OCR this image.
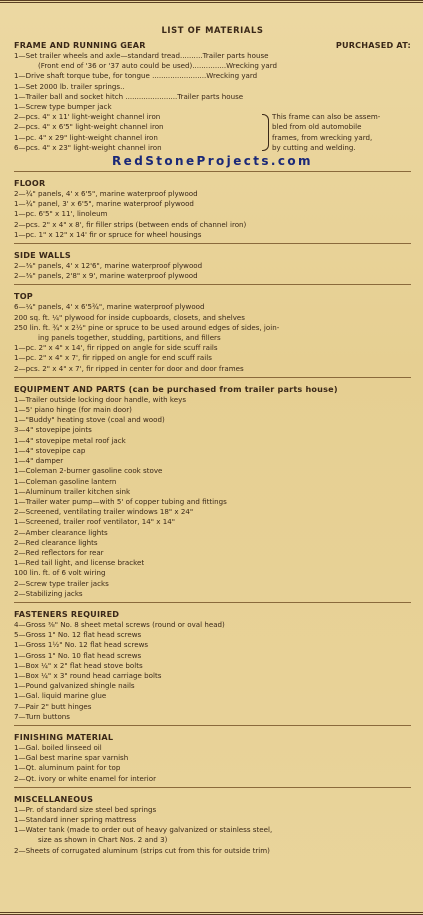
LIST OF MATERIALS
FRAME AND RUNNING GEAR	PURCHASED AT:
1—Set trailer wheels and axle—standard tread..........Trailer parts house
(Front end of '36 or '37 auto could be used)...............Wrecking yard
1—Drive shaft torque tube, for tongue ........................Wrecking yard
1—Set 2000 lb. trailer springs..
1—Trailer ball and socket hitch .......................Trailer parts house
1—Screw type bumper jack
2—pcs. 4" x 11' light-weight channel iron
2—pcs. 4" x 6'5" light-weight channel iron
1—pc. 4" x 29" light-weight channel iron
6—pcs. 4" x 23" light-weight channel iron
This frame can also be assem-
bled from old automobile
frames, from wrecking yard,
by cutting and welding.
RedStoneProjects.com
FLOOR
2—¾" panels, 4' x 6'5", marine waterproof plywood
1—¾" panel, 3' x 6'5", marine waterproof plywood
1—pc. 6'5" x 11', linoleum
2—pcs. 2" x 4" x 8', fir filler strips (between ends of channel iron)
1—pc. 1" x 12" x 14' fir or spruce for wheel housings
SIDE WALLS
2—⅜" panels, 4' x 12'6", marine waterproof plywood
2—⅜" panels, 2'8" x 9', marine waterproof plywood
TOP
6—¼" panels, 4' x 6'5¾", marine waterproof plywood
200 sq. ft. ¼" plywood for inside cupboards, closets, and shelves
250 lin. ft. ¾" x 2½" pine or spruce to be used around edges of sides, join-
ing panels together, studding, partitions, and fillers
1—pc. 2" x 4" x 14', fir ripped on angle for side scuff rails
1—pc. 2" x 4" x 7', fir ripped on angle for end scuff rails
2—pcs. 2" x 4" x 7', fir ripped in center for door and door frames
EQUIPMENT AND PARTS (can be purchased from trailer parts house)
1—Trailer outside locking door handle, with keys
1—5' piano hinge (for main door)
1—"Buddy" heating stove (coal and wood)
3—4" stovepipe joints
1—4" stovepipe metal roof jack
1—4" stovepipe cap
1—4" damper
1—Coleman 2-burner gasoline cook stove
1—Coleman gasoline lantern
1—Aluminum trailer kitchen sink
1—Trailer water pump—with 5' of copper tubing and fittings
2—Screened, ventilating trailer windows 18" x 24"
1—Screened, trailer roof ventilator, 14" x 14"
2—Amber clearance lights
2—Red clearance lights
2—Red reflectors for rear
1—Red tail light, and license bracket
100 lin. ft. of 6 volt wiring
2—Screw type trailer jacks
2—Stabilizing jacks
FASTENERS REQUIRED
4—Gross ⅜" No. 8 sheet metal screws (round or oval head)
5—Gross 1" No. 12 flat head screws
1—Gross 1½" No. 12 flat head screws
1—Gross 1" No. 10 flat head screws
1—Box ¼" x 2" flat head stove bolts
1—Box ¼" x 3" round head carriage bolts
1—Pound galvanized shingle nails
1—Gal. liquid marine glue
7—Pair 2" butt hinges
7—Turn buttons
FINISHING MATERIAL
1—Gal. boiled linseed oil
1—Gal best marine spar varnish
1—Qt. aluminum paint for top
2—Qt. ivory or white enamel for interior
MISCELLANEOUS
1—Pr. of standard size steel bed springs
1—Standard inner spring mattress
1—Water tank (made to order out of heavy galvanized or stainless steel,
size as shown in Chart Nos. 2 and 3)
2—Sheets of corrugated aluminum (strips cut from this for outside trim)
